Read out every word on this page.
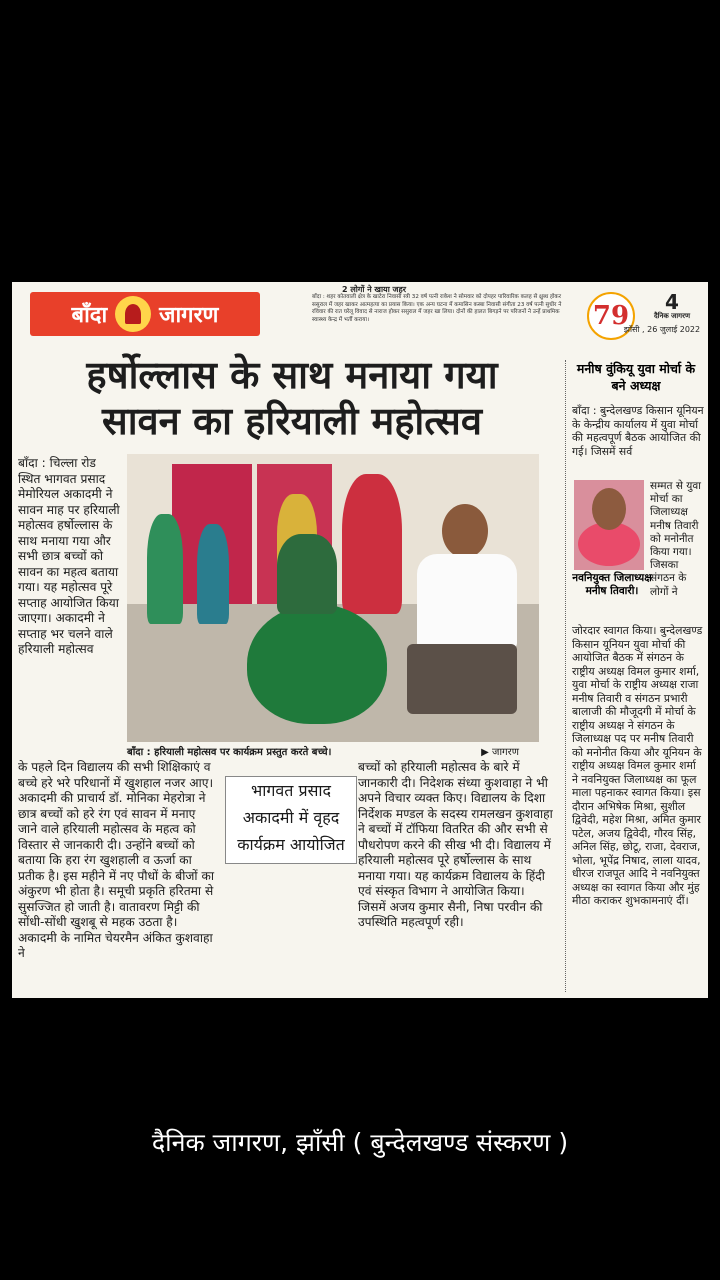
2 लोगों ने खाया जहर
बाँदा जागरण
बाँदा : शहर कोतवाली क्षेत्र के खाटेरा निवासी स्त्री 32 वर्ष पत्नी राकेश ने सोमवार को दोपहर पारिवारिक कलह से क्षुब्ध होकर ससुराल में जहर खाकर आत्महत्या का प्रयास किया। एक अन्य घटना में कमासिन कस्बा निवासी संगीता 23 वर्ष पत्नी सुधीर ने रविवार की रात घरेलू विवाद से नाराज होकर ससुराल में जहर खा लिया। दोनों की हालत बिगड़ने पर परिजनों ने उन्हें प्राथमिक स्वास्थ्य केन्द्र में भर्ती कराया।	79	4
दैनिक जागरण
झाँसी , 26 जुलाई 2022
हर्षोल्लास के साथ मनाया गया
सावन का हरियाली महोत्सव
बाँदा : चिल्ला रोड स्थित भागवत प्रसाद मेमोरियल अकादमी ने सावन माह पर हरियाली महोत्सव हर्षोल्लास के साथ मनाया गया और सभी छात्र बच्चों को सावन का महत्व बताया गया। यह महोत्सव पूरे सप्ताह आयोजित किया जाएगा। अकादमी ने सप्ताह भर चलने वाले हरियाली महोत्सव
बाँदा : हरियाली महोत्सव पर कार्यक्रम प्रस्तुत करते बच्चे।	▶ जागरण
के पहले दिन विद्यालय की सभी शिक्षिकाएं व बच्चे हरे भरे परिधानों में खुशहाल नजर आए। अकादमी की प्राचार्य डॉ. मोनिका मेहरोत्रा ने छात्र बच्चों को हरे रंग एवं सावन में मनाए जाने वाले हरियाली महोत्सव के महत्व को विस्तार से जानकारी दी। उन्होंने बच्चों को बताया कि हरा रंग खुशहाली व ऊर्जा का प्रतीक है। इस महीने में नए पौधों के बीजों का अंकुरण भी होता है। समूची प्रकृति हरितमा से सुसज्जित हो जाती है। वातावरण मिट्टी की सोंधी-सोंधी खुशबू से महक उठता है। अकादमी के नामित चेयरमैन अंकित कुशवाहा ने
बच्चों को हरियाली महोत्सव के बारे में जानकारी दी। निदेशक संध्या कुशवाहा ने भी अपने विचार व्यक्त किए। विद्यालय के दिशा निर्देशक मण्डल के सदस्य रामलखन कुशवाहा ने बच्चों में टॉफिया वितरित की और सभी से पौधरोपण करने की सीख भी दी। विद्यालय में हरियाली महोत्सव पूरे हर्षोल्लास के साथ मनाया गया। यह कार्यक्रम विद्यालय के हिंदी एवं संस्कृत विभाग ने आयोजित किया। जिसमें अजय कुमार सैनी, निषा परवीन की उपस्थिति महत्वपूर्ण रही।
भागवत प्रसाद
अकादमी में वृहद
कार्यक्रम आयोजित
मनीष वुंकियू युवा मोर्चा के बने अध्यक्ष
बाँदा : बुन्देलखण्ड किसान यूनियन के केन्द्रीय कार्यालय में युवा मोर्चा की महत्वपूर्ण बैठक आयोजित की गई। जिसमें सर्व
सम्मत से युवा मोर्चा का जिलाध्यक्ष मनीष तिवारी को मनोनीत किया गया। जिसका संगठन के लोगों ने
नवनियुक्त जिलाध्यक्ष मनीष तिवारी।
जोरदार स्वागत किया। बुन्देलखण्ड किसान यूनियन युवा मोर्चा की आयोजित बैठक में संगठन के राष्ट्रीय अध्यक्ष विमल कुमार शर्मा, युवा मोर्चा के राष्ट्रीय अध्यक्ष राजा मनीष तिवारी व संगठन प्रभारी बालाजी की मौजूदगी में मोर्चा के राष्ट्रीय अध्यक्ष ने संगठन के जिलाध्यक्ष पद पर मनीष तिवारी को मनोनीत किया और यूनियन के राष्ट्रीय अध्यक्ष विमल कुमार शर्मा ने नवनियुक्त जिलाध्यक्ष का फूल माला पहनाकर स्वागत किया। इस दौरान अभिषेक मिश्रा, सुशील द्विवेदी, महेश मिश्रा, अमित कुमार पटेल, अजय द्विवेदी, गौरव सिंह, अनिल सिंह, छोटू, राजा, देवराज, भोला, भूपेंद्र निषाद, लाला यादव, धीरज राजपूत आदि ने नवनियुक्त अध्यक्ष का स्वागत किया और मुंह मीठा कराकर शुभकामनाएं दीं।
दैनिक जागरण, झाँसी ( बुन्देलखण्ड संस्करण )
